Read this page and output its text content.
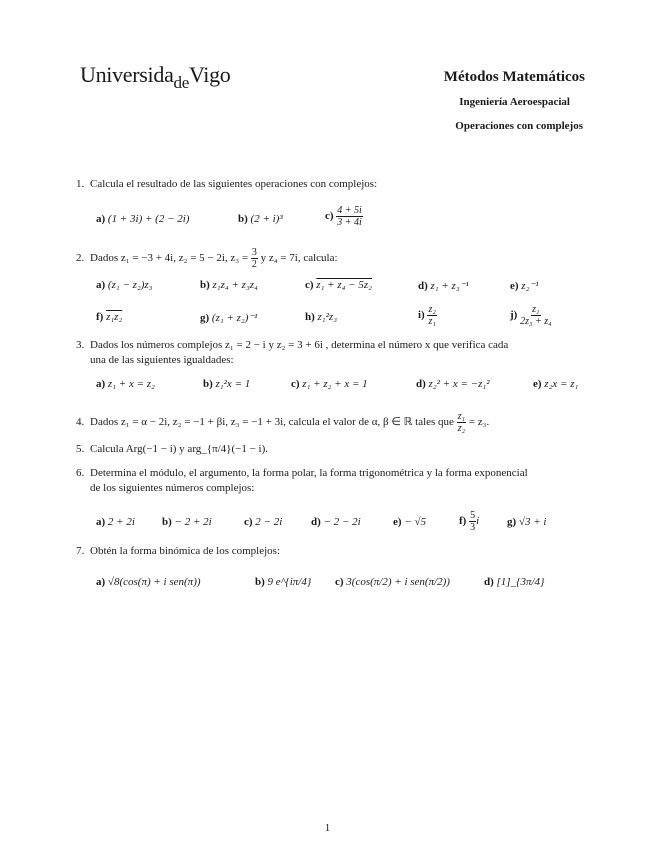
Universida$_{de}$Vigo	Métodos Matemáticos
Ingeniería Aeroespacial
Operaciones con complejos
1. Calcula el resultado de las siguientes operaciones con complejos:
a) (1 + 3i) + (2 − 2i)	b) (2 + i)³	$c) \frac{4 + 5i}{3 + 4i}$
2. Dados z₁ = −3 + 4i, z₂ = 5 − 2i, $z_3 = \frac{3}{2}$ y z₄ = 7i, calcula:
a) (z₁ − z₂)z₃	b) z₁z₄ + z₃z₄	c) z₁ + z₄ − 5z₂	d) z₁ + z₃⁻¹	e) z₂⁻¹
f) z₁z₂	g) (z₁ + z₂)⁻¹	h) z₁²z₃	$i) \frac{\text{z₂}}{\text{z₁}}$	$j) \frac{\text{z₁}}{\text{2z₃ + z₄}}$
3. Dados los números complejos z₁ = 2 − i y z₂ = 3 + 6i , determina el número x que verifica cada
una de las siguientes igualdades:
a) z₁ + x = z₂	b) z₁²x = 1	c) z₁ + z₂ + x = 1	d) z₂² + x = −z₁²	e) z₂x = z₁
4. Dados z₁ = α − 2i, z₂ = −1 + βi, z₃ = −1 + 3i, calcula el valor de α, β ∈ ℝ tales que $\frac{\text{z₁}}{\text{z₂}} = z_3$.
5. Calcula Arg(−1 − i) y arg_{π/4}(−1 − i).
6. Determina el módulo, el argumento, la forma polar, la forma trigonométrica y la forma exponencial
de los siguientes números complejos:
a) 2 + 2i b) − 2 + 2i	c) 2 − 2i	d) − 2 − 2i	e) − √5	$f) \frac{5}{3}$ i	g) √3 + i
7. Obtén la forma binómica de los complejos:
a) √8(cos(π) + i sen(π))	b) 9 e^{iπ/4} c) 3(cos(π/2) + i sen(π/2))	d) [1]_{3π/4}
1
